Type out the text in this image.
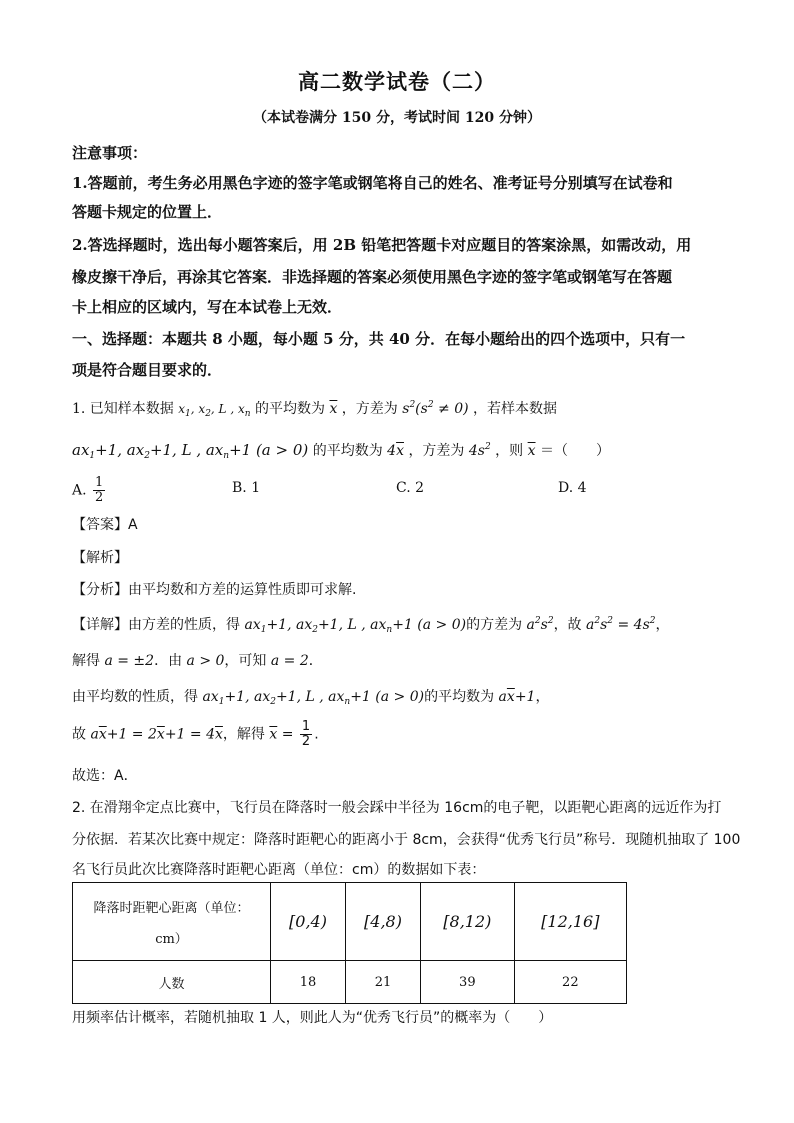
高二数学试卷（二）
（本试卷满分 150 分，考试时间 120 分钟）
注意事项：
1.答题前，考生务必用黑色字迹的签字笔或钢笔将自己的姓名、准考证号分别填写在试卷和
答题卡规定的位置上．
2.答选择题时，选出每小题答案后，用 2B 铅笔把答题卡对应题目的答案涂黑，如需改动，用
橡皮擦干净后，再涂其它答案．非选择题的答案必须使用黑色字迹的签字笔或钢笔写在答题
卡上相应的区域内，写在本试卷上无效．
一、选择题：本题共 8 小题，每小题 5 分，共 40 分．在每小题给出的四个选项中，只有一
项是符合题目要求的．
1. 已知样本数据 $x_1$, $x_2$, L , $x_n$ 的平均数为 $\overline{x}$ ，方差为 $s^2(s^2 \ne 0)$ ，若样本数据
$ax_1+1$, $ax_2+1$, L , $ax_n+1$ (a > 0) 的平均数为 $4\overline{x}$ ，方差为 $4s^2$ ，则 $\overline{x}$ ＝（　　）
A. $\frac{1}{2}$	B. 1	C. 2	D. 4
【答案】A
【解析】
【分析】由平均数和方差的运算性质即可求解.
【详解】由方差的性质，得 $ax_1+1$, $ax_2+1$, L , $ax_n+1$ (a > 0)的方差为 $a^2s^2$，故 $a^2s^2 = 4s^2$，
解得 a = ±2．由 a > 0，可知 a = 2．
由平均数的性质，得 $ax_1+1$, $ax_2+1$, L , $ax_n+1$ (a > 0)的平均数为 $a\overline{x}+1$，
故 $a\overline{x}+1 = 2\overline{x}+1 = 4\overline{x}$，解得 $\overline{x} = \frac{1}{2}$ .
故选：A．
2. 在滑翔伞定点比赛中，飞行员在降落时一般会踩中半径为 16cm的电子靶，以距靶心距离的远近作为打
分依据．若某次比赛中规定：降落时距靶心的距离小于 8cm，会获得“优秀飞行员”称号．现随机抽取了 100
名飞行员此次比赛降落时距靶心距离（单位：cm）的数据如下表：
降落时距靶心距离（单位：
cm）	[0,4)	[4,8)	[8,12)	[12,16]
人数	18	21	39	22
用频率估计概率，若随机抽取 1 人，则此人为“优秀飞行员”的概率为（　　）
